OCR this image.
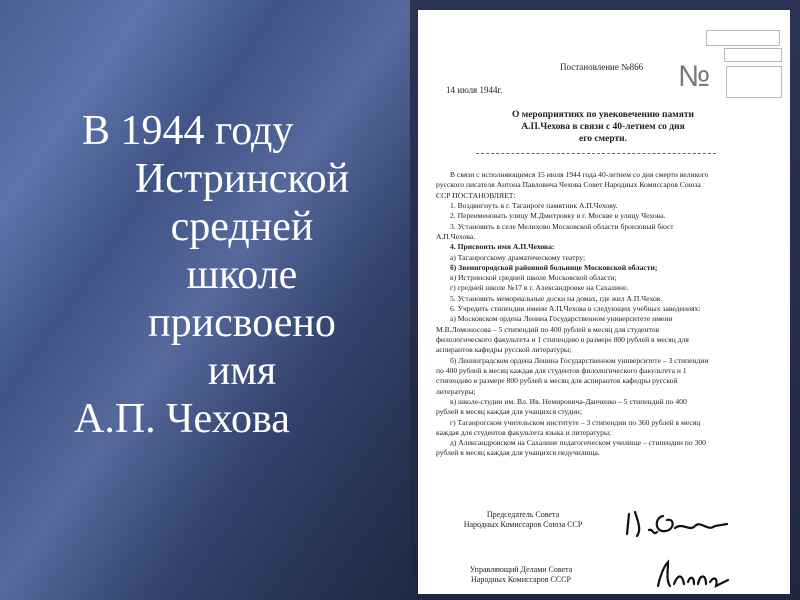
В 1944 году
Истринской
средней
школе
присвоено
имя
А.П. Чехова
№
Постановление №866
14 июля 1944г.
О мероприятиях по увековечению памяти
А.П.Чехова в связи с 40-летием со дня
его смерти.
В связи с исполняющимся 15 июля 1944 года 40-летием со дня смерти великого
русского писателя Антона Павловича Чехова Совет Народных Комиссаров Союза
ССР ПОСТАНОВЛЯЕТ:
1. Воздвигнуть в г. Таганроге памятник А.П.Чехову.
2. Переименовать улицу М.Дмитровку в г. Москве в улицу Чехова.
3. Установить в селе Мелихово Московской области бронзовый бюст
А.П.Чехова.
4. Присвоить имя А.П.Чехова:
а) Таганрогскому драматическому театру;
б) Звенигородской районной больнице Московской области;
в) Истринской средней школе Московской области;
г) средней школе №17 в г. Александровке на Сахалине.
5. Установить мемориальные доски на домах, где жил А.П.Чехов.
6. Учредить стипендии имени А.П.Чехова в следующих учебных заведениях:
а) Московском ордена Ленина Государственном университете имени
М.В.Ломоносова – 5 стипендий по 400 рублей в месяц для студентов
филологического факультета и 1 стипендию в размере 800 рублей в месяц для
аспирантов кафедры русской литературы;
б) Ленинградском ордена Ленина Государственном университете – 3 стипендии
по 400 рублей в месяц каждая для студентов филологического факультета и 1
стипендию в размере 800 рублей в месяц для аспирантов кафедры русской
литературы;
в) школе-студии им. Вл. Ив. Немировича-Данченко – 5 стипендий по 400
рублей в месяц каждая для учащихся студии;
г) Таганрогском учительском институте – 3 стипендии по 360 рублей в месяц
каждая для студентов факультета языка и литературы;
д) Александровском на Сахалине педагогическом училище – стипендии по 300
рублей в месяц каждая для учащихся педучилища.
Председатель Совета
Народных Комиссаров Союза ССР
Управляющий Делами Совета
Народных Комиссаров СССР
